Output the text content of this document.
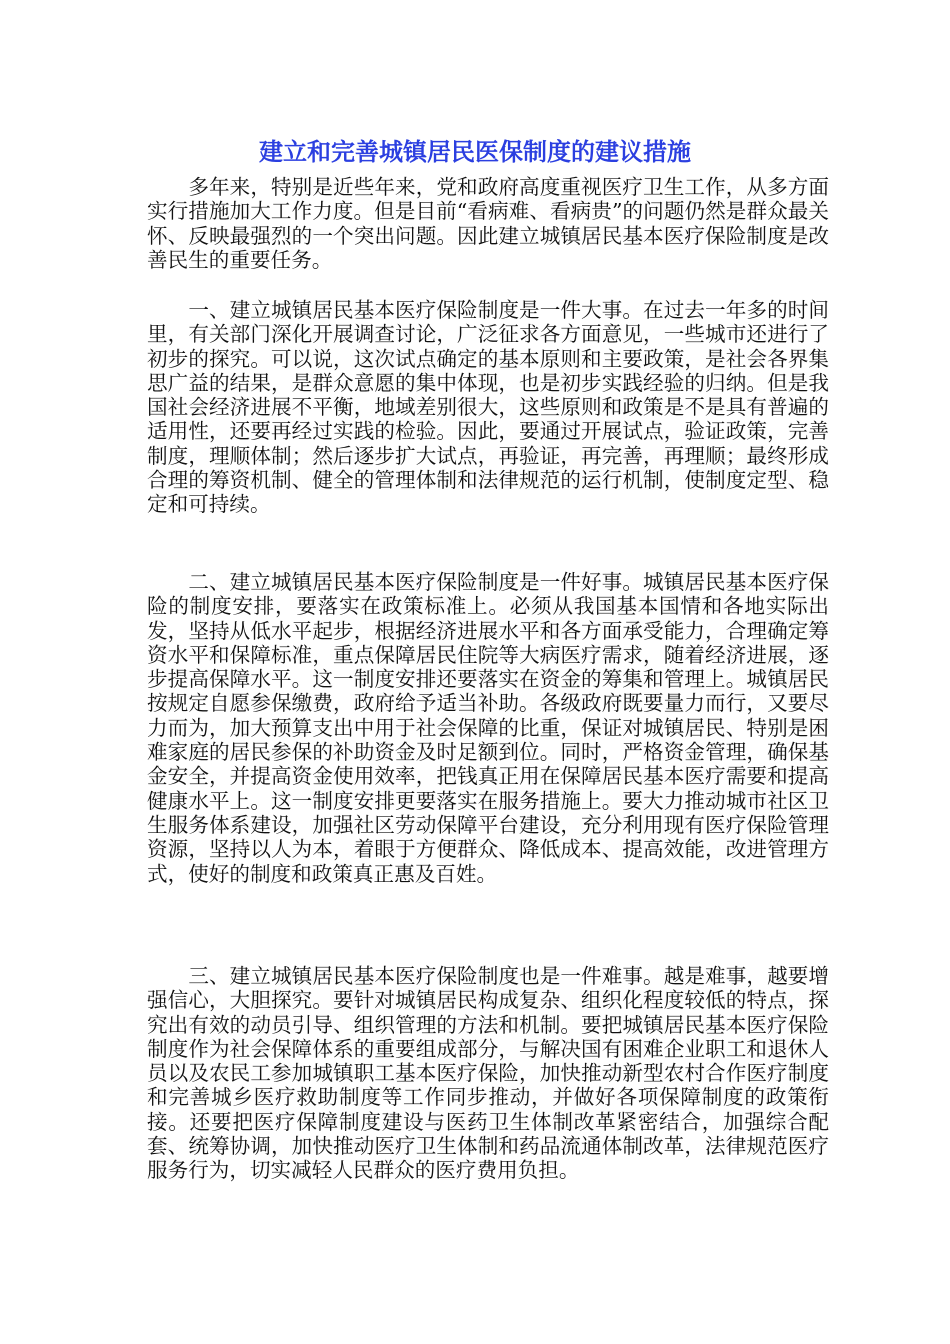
建立和完善城镇居民医保制度的建议措施

　　多年来，特别是近些年来，党和政府高度重视医疗卫生工作，从多方面实行措施加大工作力度。但是目前“看病难、看病贵”的问题仍然是群众最关怀、反映最强烈的一个突出问题。因此建立城镇居民基本医疗保险制度是改善民生的重要任务。

　　一、建立城镇居民基本医疗保险制度是一件大事。在过去一年多的时间里，有关部门深化开展调查讨论，广泛征求各方面意见，一些城市还进行了初步的探究。可以说，这次试点确定的基本原则和主要政策，是社会各界集思广益的结果，是群众意愿的集中体现，也是初步实践经验的归纳。但是我国社会经济进展不平衡，地域差别很大，这些原则和政策是不是具有普遍的适用性，还要再经过实践的检验。因此，要通过开展试点，验证政策，完善制度，理顺体制；然后逐步扩大试点，再验证，再完善，再理顺；最终形成合理的筹资机制、健全的管理体制和法律规范的运行机制，使制度定型、稳定和可持续。

　　二、建立城镇居民基本医疗保险制度是一件好事。城镇居民基本医疗保险的制度安排，要落实在政策标准上。必须从我国基本国情和各地实际出发，坚持从低水平起步，根据经济进展水平和各方面承受能力，合理确定筹资水平和保障标准，重点保障居民住院等大病医疗需求，随着经济进展，逐步提高保障水平。这一制度安排还要落实在资金的筹集和管理上。城镇居民按规定自愿参保缴费，政府给予适当补助。各级政府既要量力而行，又要尽力而为，加大预算支出中用于社会保障的比重，保证对城镇居民、特别是困难家庭的居民参保的补助资金及时足额到位。同时，严格资金管理，确保基金安全，并提高资金使用效率，把钱真正用在保障居民基本医疗需要和提高健康水平上。这一制度安排更要落实在服务措施上。要大力推动城市社区卫生服务体系建设，加强社区劳动保障平台建设，充分利用现有医疗保险管理资源，坚持以人为本，着眼于方便群众、降低成本、提高效能，改进管理方式，使好的制度和政策真正惠及百姓。

　　三、建立城镇居民基本医疗保险制度也是一件难事。越是难事，越要增强信心，大胆探究。要针对城镇居民构成复杂、组织化程度较低的特点，探究出有效的动员引导、组织管理的方法和机制。要把城镇居民基本医疗保险制度作为社会保障体系的重要组成部分，与解决国有困难企业职工和退休人员以及农民工参加城镇职工基本医疗保险，加快推动新型农村合作医疗制度和完善城乡医疗救助制度等工作同步推动，并做好各项保障制度的政策衔接。还要把医疗保障制度建设与医药卫生体制改革紧密结合，加强综合配套、统筹协调，加快推动医疗卫生体制和药品流通体制改革，法律规范医疗服务行为，切实减轻人民群众的医疗费用负担。
